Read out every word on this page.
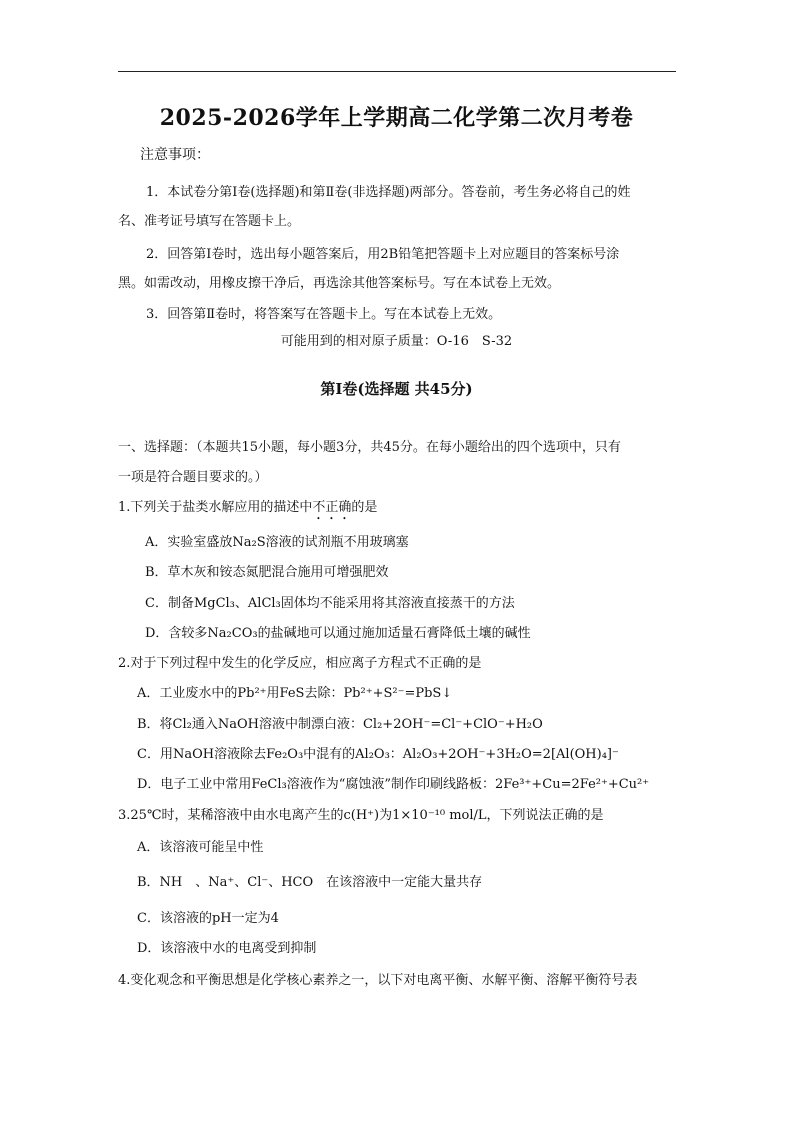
2025-2026学年上学期高二化学第二次月考卷
注意事项：
1．本试卷分第Ⅰ卷(选择题)和第Ⅱ卷(非选择题)两部分。答卷前，考生务必将自己的姓
名、准考证号填写在答题卡上。
2．回答第Ⅰ卷时，选出每小题答案后，用2B铅笔把答题卡上对应题目的答案标号涂
黑。如需改动，用橡皮擦干净后，再选涂其他答案标号。写在本试卷上无效。
3．回答第Ⅱ卷时，将答案写在答题卡上。写在本试卷上无效。
可能用到的相对原子质量：O-16　S-32
第Ⅰ卷(选择题 共45分)
一、选择题：（本题共15小题，每小题3分，共45分。在每小题给出的四个选项中，只有
一项是符合题目要求的。）
1.下列关于盐类水解应用的描述中不正确的是
A．实验室盛放Na₂S溶液的试剂瓶不用玻璃塞
B．草木灰和铵态氮肥混合施用可增强肥效
C．制备MgCl₃、AlCl₃固体均不能采用将其溶液直接蒸干的方法
D．含较多Na₂CO₃的盐碱地可以通过施加适量石膏降低土壤的碱性
2.对于下列过程中发生的化学反应，相应离子方程式不正确的是
A．工业废水中的Pb²⁺用FeS去除：Pb²⁺+S²⁻=PbS↓
B．将Cl₂通入NaOH溶液中制漂白液：Cl₂+2OH⁻=Cl⁻+ClO⁻+H₂O
C．用NaOH溶液除去Fe₂O₃中混有的Al₂O₃：Al₂O₃+2OH⁻+3H₂O=2[Al(OH)₄]⁻
D．电子工业中常用FeCl₃溶液作为“腐蚀液”制作印刷线路板：2Fe³⁺+Cu=2Fe²⁺+Cu²⁺
3.25℃时，某稀溶液中由水电离产生的c(H⁺)为1×10⁻¹⁰ mol/L，下列说法正确的是
A．该溶液可能呈中性
B．NH　、Na⁺、Cl⁻、HCO　在该溶液中一定能大量共存
C．该溶液的pH一定为4
D．该溶液中水的电离受到抑制
4.变化观念和平衡思想是化学核心素养之一，以下对电离平衡、水解平衡、溶解平衡符号表
